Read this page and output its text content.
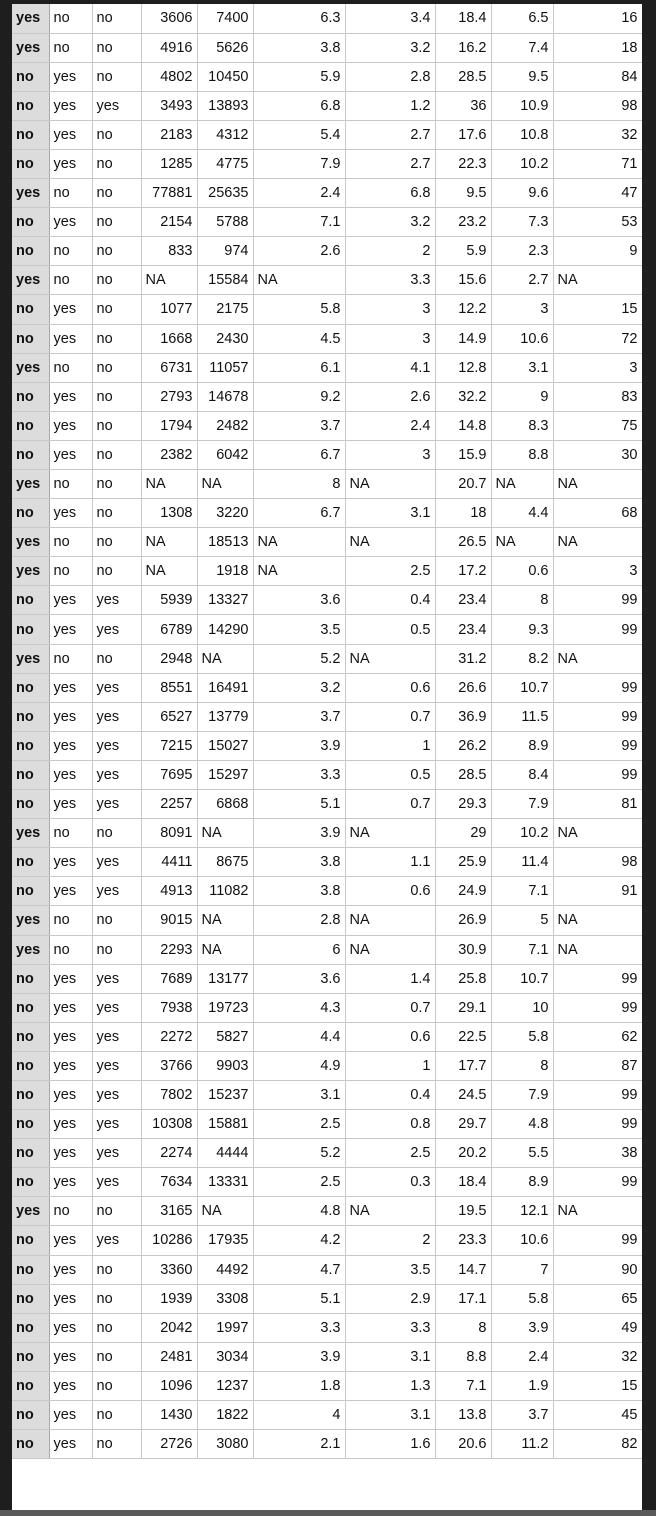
yes	no	no	3606	7400	6.3	3.4	18.4	6.5	16
yes	no	no	4916	5626	3.8	3.2	16.2	7.4	18
no	yes	no	4802	10450	5.9	2.8	28.5	9.5	84
no	yes	yes	3493	13893	6.8	1.2	36	10.9	98
no	yes	no	2183	4312	5.4	2.7	17.6	10.8	32
no	yes	no	1285	4775	7.9	2.7	22.3	10.2	71
yes	no	no	77881	25635	2.4	6.8	9.5	9.6	47
no	yes	no	2154	5788	7.1	3.2	23.2	7.3	53
no	no	no	833	974	2.6	2	5.9	2.3	9
yes	no	no	NA	15584	NA	3.3	15.6	2.7	NA
no	yes	no	1077	2175	5.8	3	12.2	3	15
no	yes	no	1668	2430	4.5	3	14.9	10.6	72
yes	no	no	6731	11057	6.1	4.1	12.8	3.1	3
no	yes	no	2793	14678	9.2	2.6	32.2	9	83
no	yes	no	1794	2482	3.7	2.4	14.8	8.3	75
no	yes	no	2382	6042	6.7	3	15.9	8.8	30
yes	no	no	NA	NA	8	NA	20.7	NA	NA
no	yes	no	1308	3220	6.7	3.1	18	4.4	68
yes	no	no	NA	18513	NA	NA	26.5	NA	NA
yes	no	no	NA	1918	NA	2.5	17.2	0.6	3
no	yes	yes	5939	13327	3.6	0.4	23.4	8	99
no	yes	yes	6789	14290	3.5	0.5	23.4	9.3	99
yes	no	no	2948	NA	5.2	NA	31.2	8.2	NA
no	yes	yes	8551	16491	3.2	0.6	26.6	10.7	99
no	yes	yes	6527	13779	3.7	0.7	36.9	11.5	99
no	yes	yes	7215	15027	3.9	1	26.2	8.9	99
no	yes	yes	7695	15297	3.3	0.5	28.5	8.4	99
no	yes	yes	2257	6868	5.1	0.7	29.3	7.9	81
yes	no	no	8091	NA	3.9	NA	29	10.2	NA
no	yes	yes	4411	8675	3.8	1.1	25.9	11.4	98
no	yes	yes	4913	11082	3.8	0.6	24.9	7.1	91
yes	no	no	9015	NA	2.8	NA	26.9	5	NA
yes	no	no	2293	NA	6	NA	30.9	7.1	NA
no	yes	yes	7689	13177	3.6	1.4	25.8	10.7	99
no	yes	yes	7938	19723	4.3	0.7	29.1	10	99
no	yes	yes	2272	5827	4.4	0.6	22.5	5.8	62
no	yes	yes	3766	9903	4.9	1	17.7	8	87
no	yes	yes	7802	15237	3.1	0.4	24.5	7.9	99
no	yes	yes	10308	15881	2.5	0.8	29.7	4.8	99
no	yes	yes	2274	4444	5.2	2.5	20.2	5.5	38
no	yes	yes	7634	13331	2.5	0.3	18.4	8.9	99
yes	no	no	3165	NA	4.8	NA	19.5	12.1	NA
no	yes	yes	10286	17935	4.2	2	23.3	10.6	99
no	yes	no	3360	4492	4.7	3.5	14.7	7	90
no	yes	no	1939	3308	5.1	2.9	17.1	5.8	65
no	yes	no	2042	1997	3.3	3.3	8	3.9	49
no	yes	no	2481	3034	3.9	3.1	8.8	2.4	32
no	yes	no	1096	1237	1.8	1.3	7.1	1.9	15
no	yes	no	1430	1822	4	3.1	13.8	3.7	45
no	yes	no	2726	3080	2.1	1.6	20.6	11.2	82
